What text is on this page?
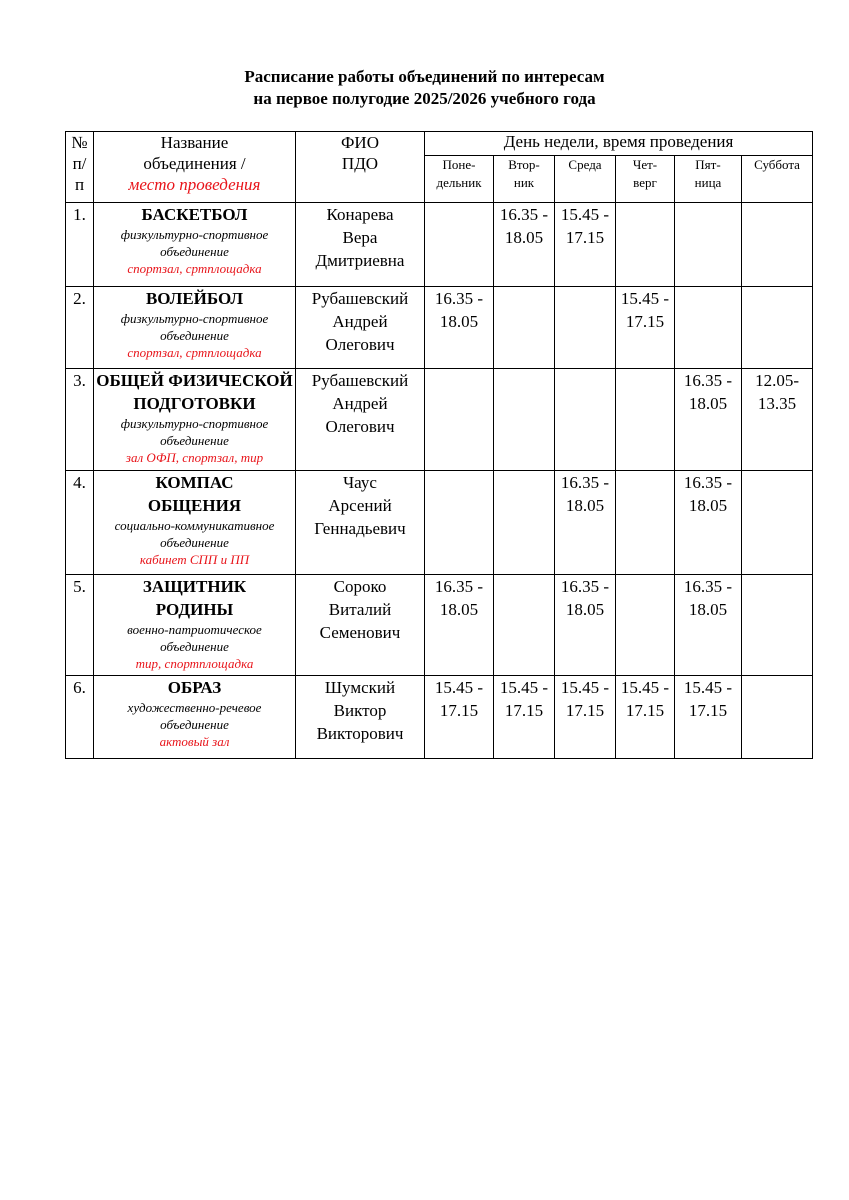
Расписание работы объединений по интересам
на первое полугодие 2025/2026 учебного года
№
п/
п	Название
объединения /
место проведения	ФИО
ПДО	День недели, время проведения					

			Поне-
дельник	Втор-
ник	Среда	Чет-
верг	Пят-
ница	Суббота

1.	БАСКЕТБОЛ
физкультурно-спортивное
объединение
спортзал, сртплощадка	Конарева
Вера
Дмитриевна		16.35 -
18.05	15.45 -
17.15			

2.	ВОЛЕЙБОЛ
физкультурно-спортивное
объединение
спортзал, сртплощадка	Рубашевский
Андрей
Олегович	16.35 -
18.05			15.45 -
17.15		

3.	ОБЩЕЙ ФИЗИЧЕСКОЙ
ПОДГОТОВКИ
физкультурно-спортивное
объединение
зал ОФП, спортзал, тир	Рубашевский
Андрей
Олегович					16.35 -
18.05	12.05-
13.35

4.	КОМПАС
ОБЩЕНИЯ
социально-коммуникативное
объединение
кабинет СПП и ПП	Чаус
Арсений
Геннадьевич			16.35 -
18.05		16.35 -
18.05	

5.	ЗАЩИТНИК
РОДИНЫ
военно-патриотическое
объединение
тир, спортплощадка	Сороко
Виталий
Семенович	16.35 -
18.05		16.35 -
18.05		16.35 -
18.05	

6.	ОБРАЗ
художественно-речевое
объединение
актовый зал	Шумский
Виктор
Викторович	15.45 -
17.15	15.45 -
17.15	15.45 -
17.15	15.45 -
17.15	15.45 -
17.15	
